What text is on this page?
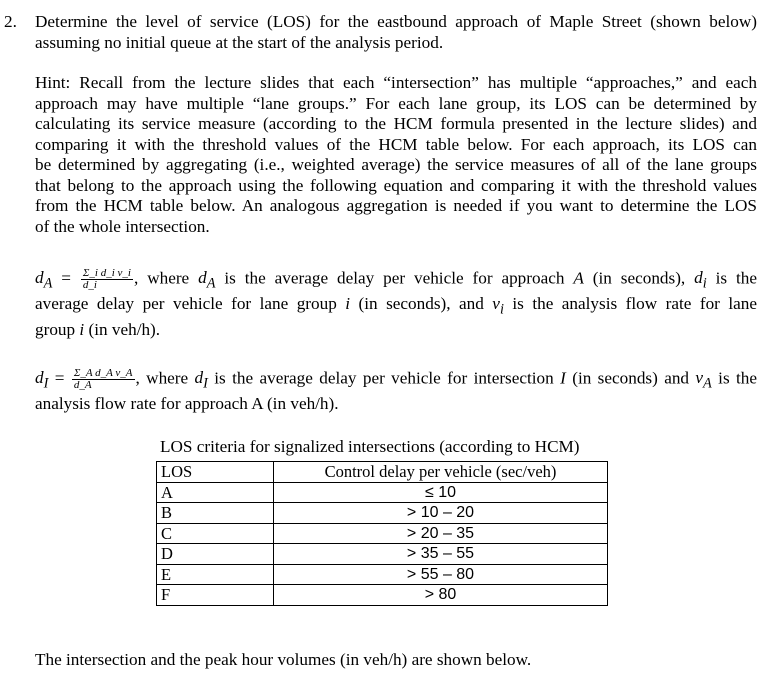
2. Determine the level of service (LOS) for the eastbound approach of Maple Street (shown below)
assuming no initial queue at the start of the analysis period.
Hint: Recall from the lecture slides that each “intersection” has multiple “approaches,” and each
approach may have multiple “lane groups.” For each lane group, its LOS can be determined by
calculating its service measure (according to the HCM formula presented in the lecture slides) and
comparing it with the threshold values of the HCM table below. For each approach, its LOS can
be determined by aggregating (i.e., weighted average) the service measures of all of the lane groups
that belong to the approach using the following equation and comparing it with the threshold values
from the HCM table below. An analogous aggregation is needed if you want to determine the LOS
of the whole intersection.
$d_A = \frac{\text{Σ\_i d\_i v\_i}}{d\_i}$ , where $d_A$ is the average delay per vehicle for approach A (in seconds), $d_i$ is the
average delay per vehicle for lane group i (in seconds), and $v_i$ is the analysis flow rate for lane
group i (in veh/h).
$d_I = \frac{\text{Σ\_A d\_A v\_A}}{d\_A}$ , where $d_I$ is the average delay per vehicle for intersection I (in seconds) and $v_A$ is the
analysis flow rate for approach A (in veh/h).
LOS criteria for signalized intersections (according to HCM)
LOS	Control delay per vehicle (sec/veh)
A	≤ 10
B	> 10 – 20
C	> 20 – 35
D	> 35 – 55
E	> 55 – 80
F	> 80
The intersection and the peak hour volumes (in veh/h) are shown below.
